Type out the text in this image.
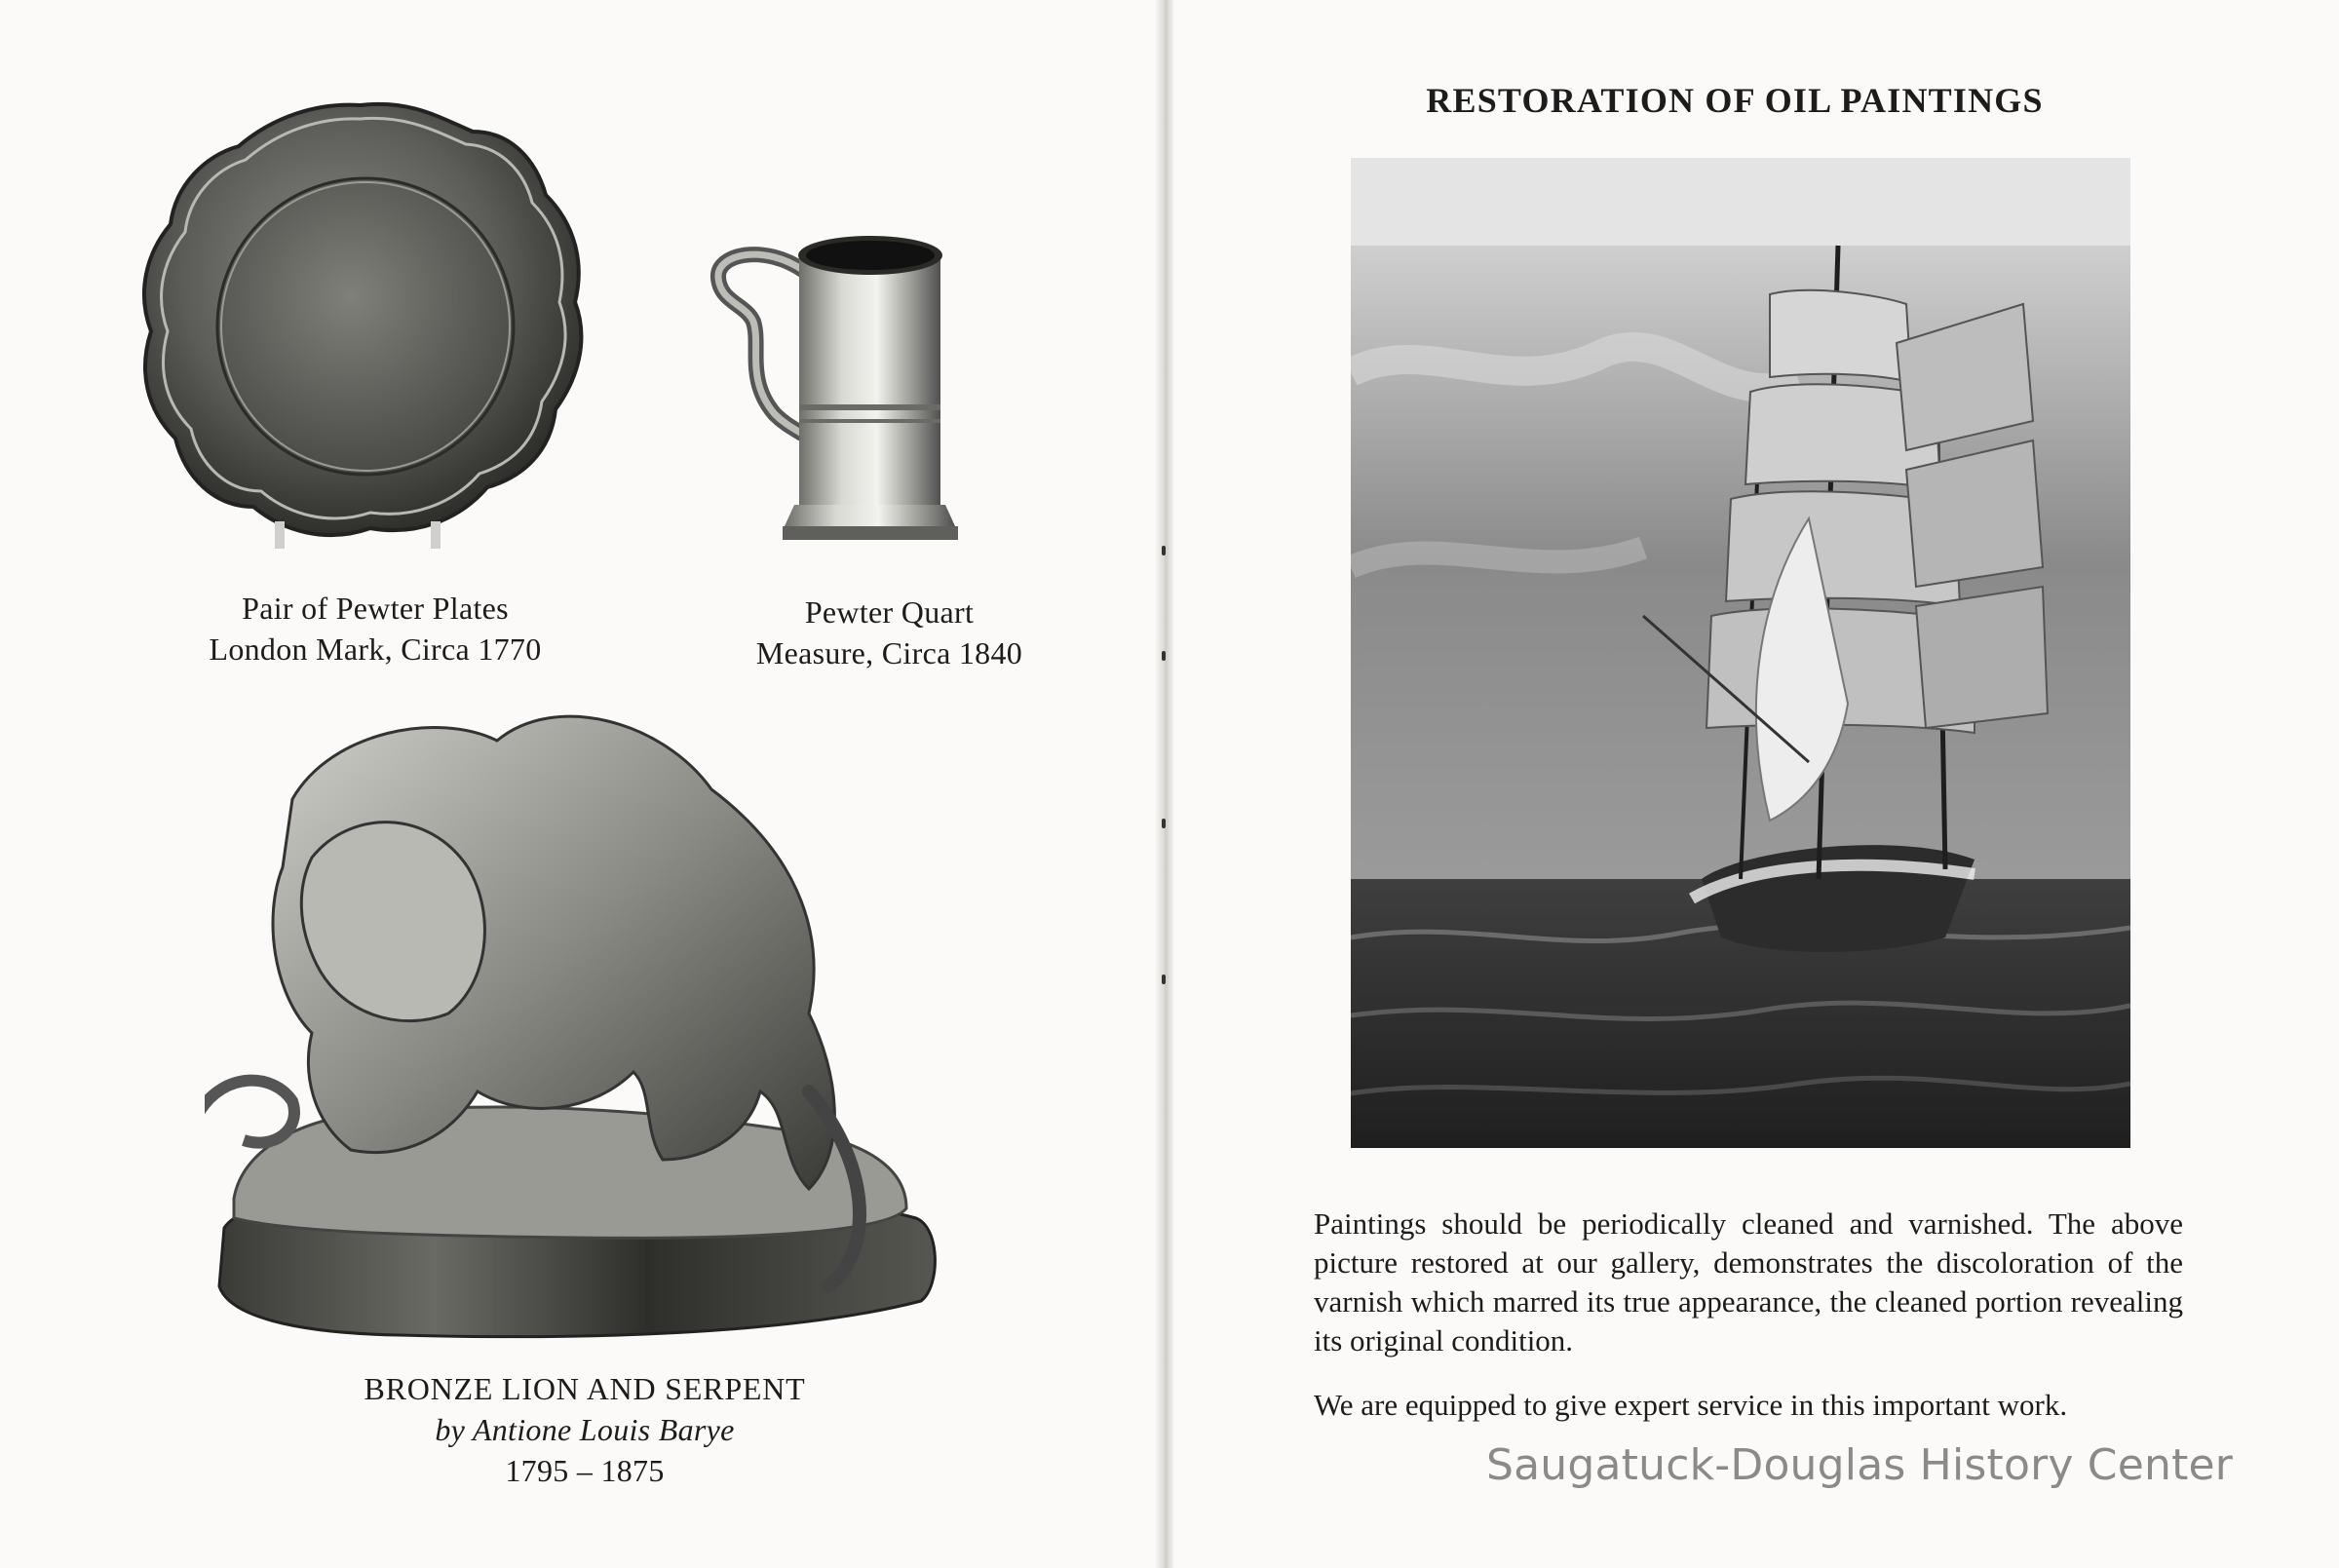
Pair of Pewter Plates
London Mark, Circa 1770
Pewter Quart
Measure, Circa 1840
BRONZE LION AND SERPENT
by Antione Louis Barye
1795 – 1875
RESTORATION OF OIL PAINTINGS

Paintings should be periodically cleaned and varnished. The above picture restored at our gallery, demonstrates the discoloration of the varnish which marred its true appearance, the cleaned portion revealing its original condition.

We are equipped to give expert service in this important work.

Saugatuck-Douglas History Center
